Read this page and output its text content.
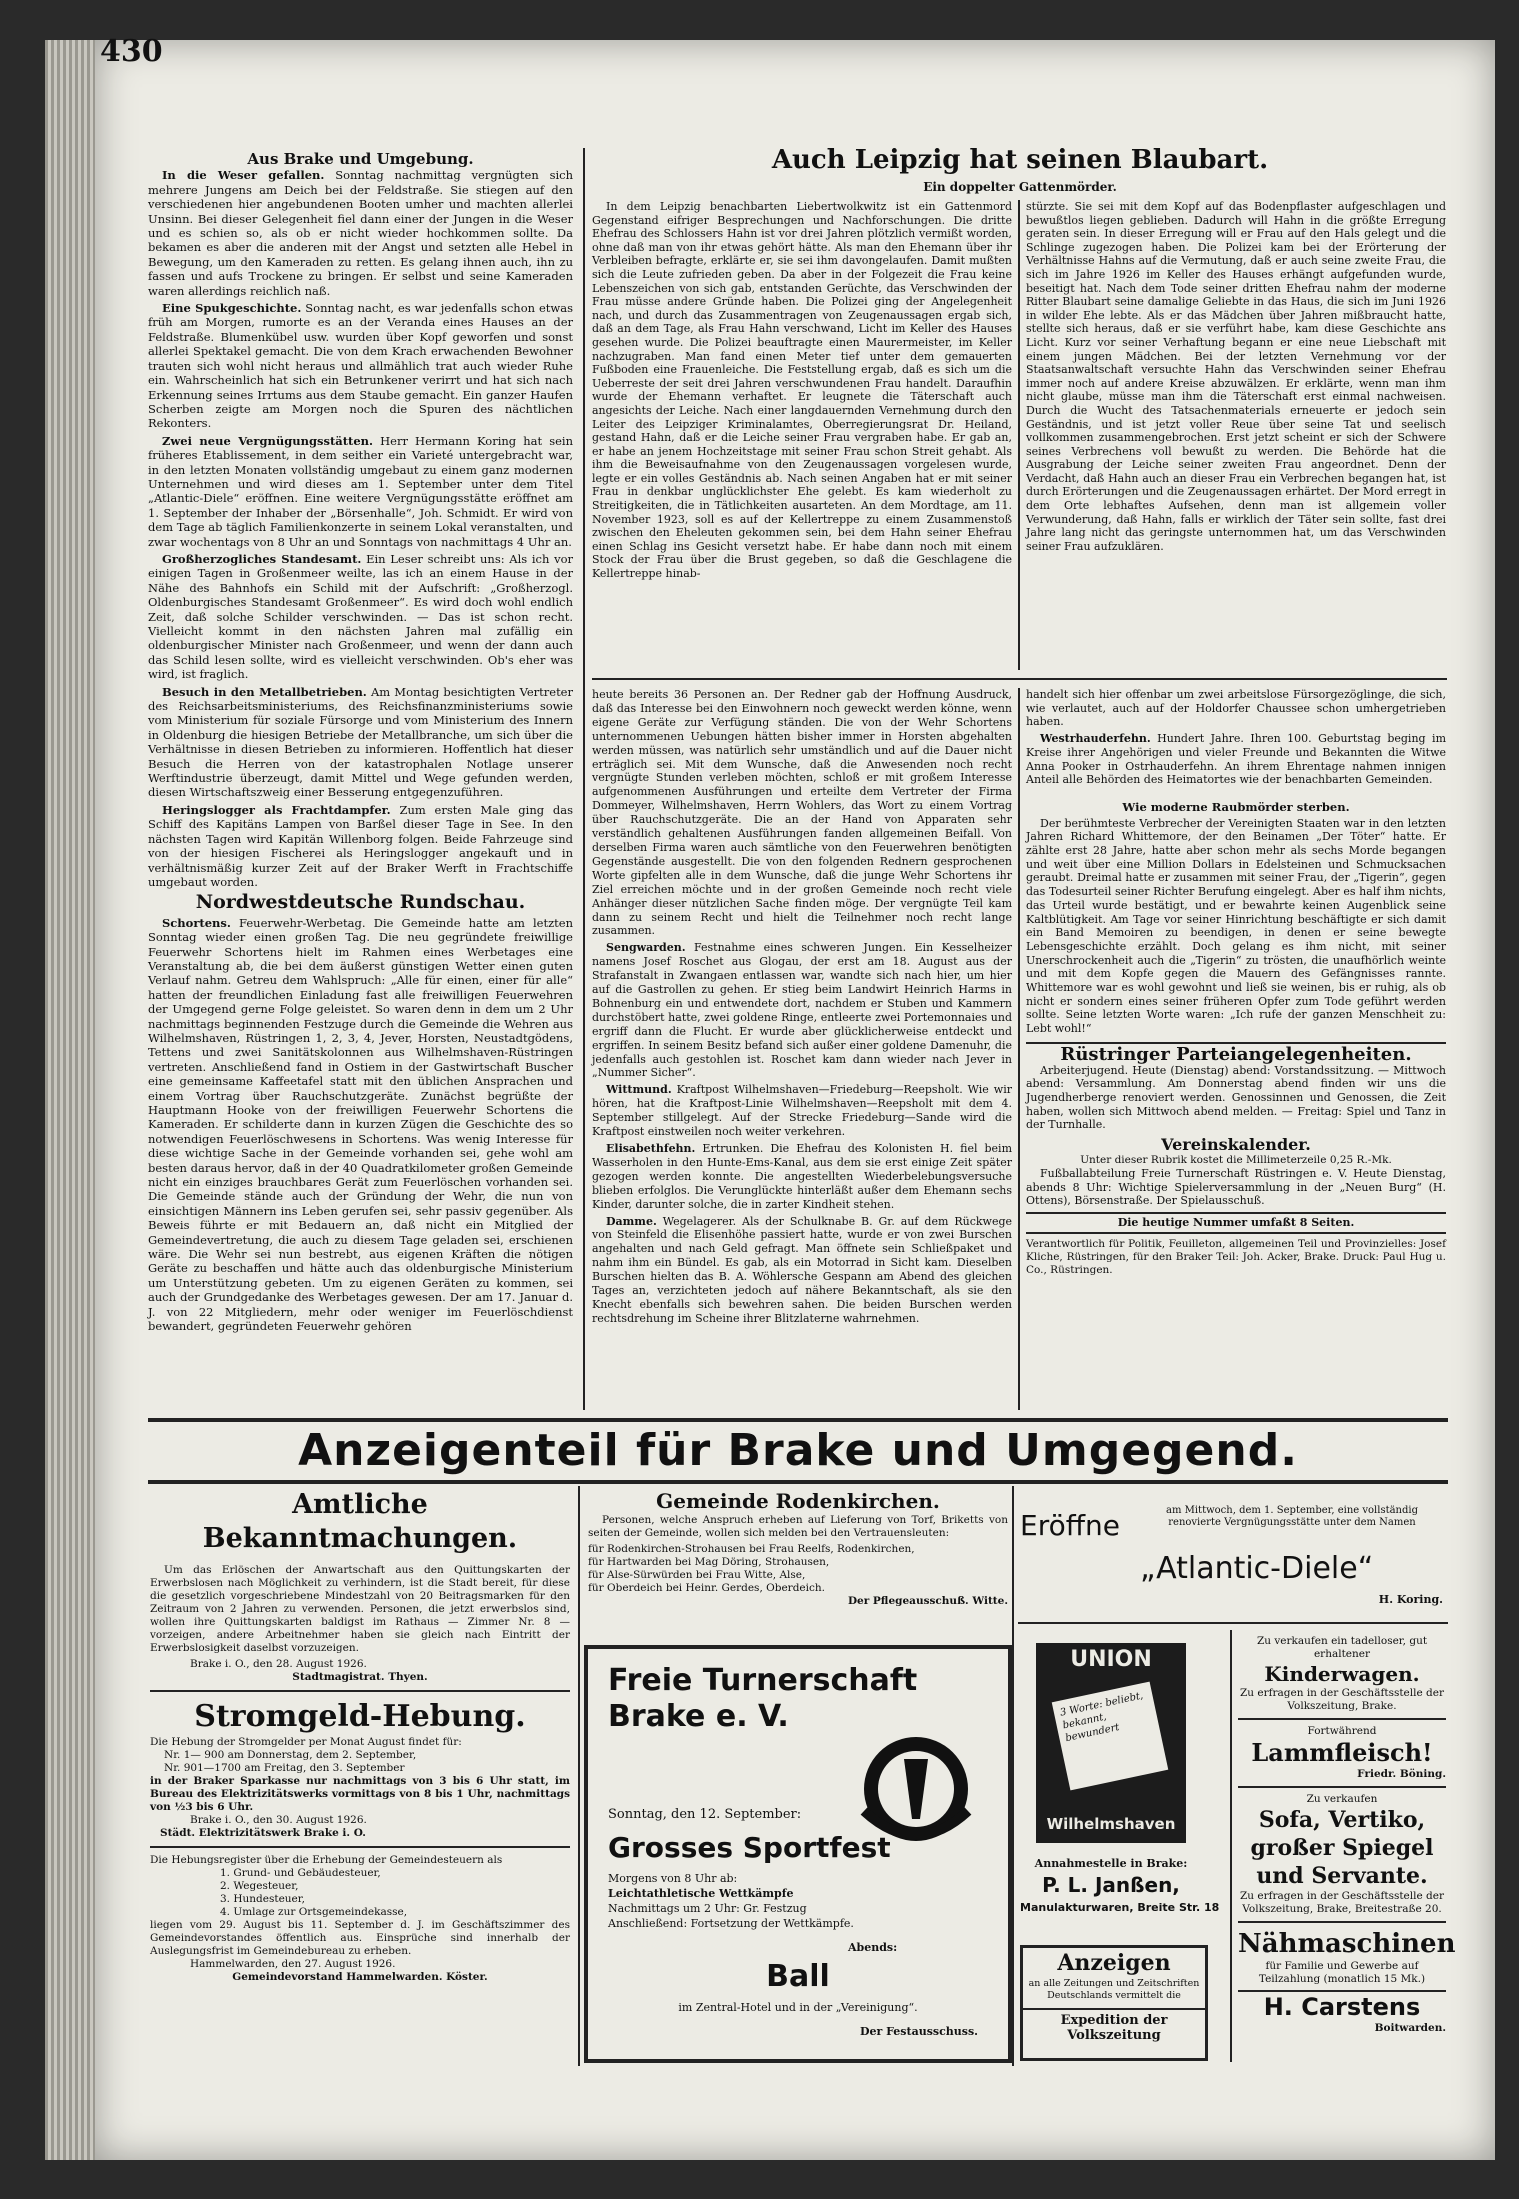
430
Aus Brake und Umgebung.

In die Weser gefallen. Sonntag nachmittag vergnügten sich mehrere Jungens am Deich bei der Feldstraße. Sie stiegen auf den verschiedenen hier angebundenen Booten umher und machten allerlei Unsinn. Bei dieser Gelegenheit fiel dann einer der Jungen in die Weser und es schien so, als ob er nicht wieder hochkommen sollte. Da bekamen es aber die anderen mit der Angst und setzten alle Hebel in Bewegung, um den Kameraden zu retten. Es gelang ihnen auch, ihn zu fassen und aufs Trockene zu bringen. Er selbst und seine Kameraden waren allerdings reichlich naß.

Eine Spukgeschichte. Sonntag nacht, es war jedenfalls schon etwas früh am Morgen, rumorte es an der Veranda eines Hauses an der Feldstraße. Blumenkübel usw. wurden über Kopf geworfen und sonst allerlei Spektakel gemacht. Die von dem Krach erwachenden Bewohner trauten sich wohl nicht heraus und allmählich trat auch wieder Ruhe ein. Wahrscheinlich hat sich ein Betrunkener verirrt und hat sich nach Erkennung seines Irrtums aus dem Staube gemacht. Ein ganzer Haufen Scherben zeigte am Morgen noch die Spuren des nächtlichen Rekonters.

Zwei neue Vergnügungsstätten. Herr Hermann Koring hat sein früheres Etablissement, in dem seither ein Varieté untergebracht war, in den letzten Monaten vollständig umgebaut zu einem ganz modernen Unternehmen und wird dieses am 1. September unter dem Titel „Atlantic-Diele“ eröffnen. Eine weitere Vergnügungsstätte eröffnet am 1. September der Inhaber der „Börsenhalle“, Joh. Schmidt. Er wird von dem Tage ab täglich Familienkonzerte in seinem Lokal veranstalten, und zwar wochentags von 8 Uhr an und Sonntags von nachmittags 4 Uhr an.

Großherzogliches Standesamt. Ein Leser schreibt uns: Als ich vor einigen Tagen in Großenmeer weilte, las ich an einem Hause in der Nähe des Bahnhofs ein Schild mit der Aufschrift: „Großherzogl. Oldenburgisches Standesamt Großenmeer“. Es wird doch wohl endlich Zeit, daß solche Schilder verschwinden. — Das ist schon recht. Vielleicht kommt in den nächsten Jahren mal zufällig ein oldenburgischer Minister nach Großenmeer, und wenn der dann auch das Schild lesen sollte, wird es vielleicht verschwinden. Ob's eher was wird, ist fraglich.

Besuch in den Metallbetrieben. Am Montag besichtigten Vertreter des Reichsarbeitsministeriums, des Reichsfinanzministeriums sowie vom Ministerium für soziale Fürsorge und vom Ministerium des Innern in Oldenburg die hiesigen Betriebe der Metallbranche, um sich über die Verhältnisse in diesen Betrieben zu informieren. Hoffentlich hat dieser Besuch die Herren von der katastrophalen Notlage unserer Werftindustrie überzeugt, damit Mittel und Wege gefunden werden, diesen Wirtschaftszweig einer Besserung entgegenzuführen.

Heringslogger als Frachtdampfer. Zum ersten Male ging das Schiff des Kapitäns Lampen von Barßel dieser Tage in See. In den nächsten Tagen wird Kapitän Willenborg folgen. Beide Fahrzeuge sind von der hiesigen Fischerei als Heringslogger angekauft und in verhältnismäßig kurzer Zeit auf der Braker Werft in Frachtschiffe umgebaut worden.

Nordwestdeutsche Rundschau.

Schortens. Feuerwehr-Werbetag. Die Gemeinde hatte am letzten Sonntag wieder einen großen Tag. Die neu gegründete freiwillige Feuerwehr Schortens hielt im Rahmen eines Werbetages eine Veranstaltung ab, die bei dem äußerst günstigen Wetter einen guten Verlauf nahm. Getreu dem Wahlspruch: „Alle für einen, einer für alle“ hatten der freundlichen Einladung fast alle freiwilligen Feuerwehren der Umgegend gerne Folge geleistet. So waren denn in dem um 2 Uhr nachmittags beginnenden Festzuge durch die Gemeinde die Wehren aus Wilhelmshaven, Rüstringen 1, 2, 3, 4, Jever, Horsten, Neustadtgödens, Tettens und zwei Sanitätskolonnen aus Wilhelmshaven-Rüstringen vertreten. Anschließend fand in Ostiem in der Gastwirtschaft Buscher eine gemeinsame Kaffeetafel statt mit den üblichen Ansprachen und einem Vortrag über Rauchschutzgeräte. Zunächst begrüßte der Hauptmann Hooke von der freiwilligen Feuerwehr Schortens die Kameraden. Er schilderte dann in kurzen Zügen die Geschichte des so notwendigen Feuerlöschwesens in Schortens. Was wenig Interesse für diese wichtige Sache in der Gemeinde vorhanden sei, gehe wohl am besten daraus hervor, daß in der 40 Quadratkilometer großen Gemeinde nicht ein einziges brauchbares Gerät zum Feuerlöschen vorhanden sei. Die Gemeinde stände auch der Gründung der Wehr, die nun von einsichtigen Männern ins Leben gerufen sei, sehr passiv gegenüber. Als Beweis führte er mit Bedauern an, daß nicht ein Mitglied der Gemeindevertretung, die auch zu diesem Tage geladen sei, erschienen wäre. Die Wehr sei nun bestrebt, aus eigenen Kräften die nötigen Geräte zu beschaffen und hätte auch das oldenburgische Ministerium um Unterstützung gebeten. Um zu eigenen Geräten zu kommen, sei auch der Grundgedanke des Werbetages gewesen. Der am 17. Januar d. J. von 22 Mitgliedern, mehr oder weniger im Feuerlöschdienst bewandert, gegründeten Feuerwehr gehören

Auch Leipzig hat seinen Blaubart.
Ein doppelter Gattenmörder.

In dem Leipzig benachbarten Liebertwolkwitz ist ein Gattenmord Gegenstand eifriger Besprechungen und Nachforschungen. Die dritte Ehefrau des Schlossers Hahn ist vor drei Jahren plötzlich vermißt worden, ohne daß man von ihr etwas gehört hätte. Als man den Ehemann über ihr Verbleiben befragte, erklärte er, sie sei ihm davongelaufen. Damit mußten sich die Leute zufrieden geben. Da aber in der Folgezeit die Frau keine Lebenszeichen von sich gab, entstanden Gerüchte, das Verschwinden der Frau müsse andere Gründe haben. Die Polizei ging der Angelegenheit nach, und durch das Zusammentragen von Zeugenaussagen ergab sich, daß an dem Tage, als Frau Hahn verschwand, Licht im Keller des Hauses gesehen wurde. Die Polizei beauftragte einen Maurermeister, im Keller nachzugraben. Man fand einen Meter tief unter dem gemauerten Fußboden eine Frauenleiche. Die Feststellung ergab, daß es sich um die Ueberreste der seit drei Jahren verschwundenen Frau handelt. Daraufhin wurde der Ehemann verhaftet. Er leugnete die Täterschaft auch angesichts der Leiche. Nach einer langdauernden Vernehmung durch den Leiter des Leipziger Kriminalamtes, Oberregierungsrat Dr. Heiland, gestand Hahn, daß er die Leiche seiner Frau vergraben habe. Er gab an, er habe an jenem Hochzeitstage mit seiner Frau schon Streit gehabt. Als ihm die Beweisaufnahme von den Zeugenaussagen vorgelesen wurde, legte er ein volles Geständnis ab. Nach seinen Angaben hat er mit seiner Frau in denkbar unglücklichster Ehe gelebt. Es kam wiederholt zu Streitigkeiten, die in Tätlichkeiten ausarteten. An dem Mordtage, am 11. November 1923, soll es auf der Kellertreppe zu einem Zusammenstoß zwischen den Eheleuten gekommen sein, bei dem Hahn seiner Ehefrau einen Schlag ins Gesicht versetzt habe. Er habe dann noch mit einem Stock der Frau über die Brust gegeben, so daß die Geschlagene die Kellertreppe hinab-

stürzte. Sie sei mit dem Kopf auf das Bodenpflaster aufgeschlagen und bewußtlos liegen geblieben. Dadurch will Hahn in die größte Erregung geraten sein. In dieser Erregung will er Frau auf den Hals gelegt und die Schlinge zugezogen haben. Die Polizei kam bei der Erörterung der Verhältnisse Hahns auf die Vermutung, daß er auch seine zweite Frau, die sich im Jahre 1926 im Keller des Hauses erhängt aufgefunden wurde, beseitigt hat. Nach dem Tode seiner dritten Ehefrau nahm der moderne Ritter Blaubart seine damalige Geliebte in das Haus, die sich im Juni 1926 in wilder Ehe lebte. Als er das Mädchen über Jahren mißbraucht hatte, stellte sich heraus, daß er sie verführt habe, kam diese Geschichte ans Licht. Kurz vor seiner Verhaftung begann er eine neue Liebschaft mit einem jungen Mädchen. Bei der letzten Vernehmung vor der Staatsanwaltschaft versuchte Hahn das Verschwinden seiner Ehefrau immer noch auf andere Kreise abzuwälzen. Er erklärte, wenn man ihm nicht glaube, müsse man ihm die Täterschaft erst einmal nachweisen. Durch die Wucht des Tatsachenmaterials erneuerte er jedoch sein Geständnis, und ist jetzt voller Reue über seine Tat und seelisch vollkommen zusammengebrochen. Erst jetzt scheint er sich der Schwere seines Verbrechens voll bewußt zu werden. Die Behörde hat die Ausgrabung der Leiche seiner zweiten Frau angeordnet. Denn der Verdacht, daß Hahn auch an dieser Frau ein Verbrechen begangen hat, ist durch Erörterungen und die Zeugenaussagen erhärtet. Der Mord erregt in dem Orte lebhaftes Aufsehen, denn man ist allgemein voller Verwunderung, daß Hahn, falls er wirklich der Täter sein sollte, fast drei Jahre lang nicht das geringste unternommen hat, um das Verschwinden seiner Frau aufzuklären.

heute bereits 36 Personen an. Der Redner gab der Hoffnung Ausdruck, daß das Interesse bei den Einwohnern noch geweckt werden könne, wenn eigene Geräte zur Verfügung ständen. Die von der Wehr Schortens unternommenen Uebungen hätten bisher immer in Horsten abgehalten werden müssen, was natürlich sehr umständlich und auf die Dauer nicht erträglich sei. Mit dem Wunsche, daß die Anwesenden noch recht vergnügte Stunden verleben möchten, schloß er mit großem Interesse aufgenommenen Ausführungen und erteilte dem Vertreter der Firma Dommeyer, Wilhelmshaven, Herrn Wohlers, das Wort zu einem Vortrag über Rauchschutzgeräte. Die an der Hand von Apparaten sehr verständlich gehaltenen Ausführungen fanden allgemeinen Beifall. Von derselben Firma waren auch sämtliche von den Feuerwehren benötigten Gegenstände ausgestellt. Die von den folgenden Rednern gesprochenen Worte gipfelten alle in dem Wunsche, daß die junge Wehr Schortens ihr Ziel erreichen möchte und in der großen Gemeinde noch recht viele Anhänger dieser nützlichen Sache finden möge. Der vergnügte Teil kam dann zu seinem Recht und hielt die Teilnehmer noch recht lange zusammen.

Sengwarden. Festnahme eines schweren Jungen. Ein Kesselheizer namens Josef Roschet aus Glogau, der erst am 18. August aus der Strafanstalt in Zwangaen entlassen war, wandte sich nach hier, um hier auf die Gastrollen zu gehen. Er stieg beim Landwirt Heinrich Harms in Bohnenburg ein und entwendete dort, nachdem er Stuben und Kammern durchstöbert hatte, zwei goldene Ringe, entleerte zwei Portemonnaies und ergriff dann die Flucht. Er wurde aber glücklicherweise entdeckt und ergriffen. In seinem Besitz befand sich außer einer goldene Damenuhr, die jedenfalls auch gestohlen ist. Roschet kam dann wieder nach Jever in „Nummer Sicher“.

Wittmund. Kraftpost Wilhelmshaven—Friedeburg—Reepsholt. Wie wir hören, hat die Kraftpost-Linie Wilhelmshaven—Reepsholt mit dem 4. September stillgelegt. Auf der Strecke Friedeburg—Sande wird die Kraftpost einstweilen noch weiter verkehren.

Elisabethfehn. Ertrunken. Die Ehefrau des Kolonisten H. fiel beim Wasserholen in den Hunte-Ems-Kanal, aus dem sie erst einige Zeit später gezogen werden konnte. Die angestellten Wiederbelebungsversuche blieben erfolglos. Die Verunglückte hinterläßt außer dem Ehemann sechs Kinder, darunter solche, die in zarter Kindheit stehen.

Damme. Wegelagerer. Als der Schulknabe B. Gr. auf dem Rückwege von Steinfeld die Elisenhöhe passiert hatte, wurde er von zwei Burschen angehalten und nach Geld gefragt. Man öffnete sein Schließpaket und nahm ihm ein Bündel. Es gab, als ein Motorrad in Sicht kam. Dieselben Burschen hielten das B. A. Wöhlersche Gespann am Abend des gleichen Tages an, verzichteten jedoch auf nähere Bekanntschaft, als sie den Knecht ebenfalls sich bewehren sahen. Die beiden Burschen werden rechtsdrehung im Scheine ihrer Blitzlaterne wahrnehmen.

handelt sich hier offenbar um zwei arbeitslose Fürsorgezöglinge, die sich, wie verlautet, auch auf der Holdorfer Chaussee schon umhergetrieben haben.

Westrhauderfehn. Hundert Jahre. Ihren 100. Geburtstag beging im Kreise ihrer Angehörigen und vieler Freunde und Bekannten die Witwe Anna Pooker in Ostrhauderfehn. An ihrem Ehrentage nahmen innigen Anteil alle Behörden des Heimatortes wie der benachbarten Gemeinden.

Wie moderne Raubmörder sterben.

Der berühmteste Verbrecher der Vereinigten Staaten war in den letzten Jahren Richard Whittemore, der den Beinamen „Der Töter“ hatte. Er zählte erst 28 Jahre, hatte aber schon mehr als sechs Morde begangen und weit über eine Million Dollars in Edelsteinen und Schmucksachen geraubt. Dreimal hatte er zusammen mit seiner Frau, der „Tigerin“, gegen das Todesurteil seiner Richter Berufung eingelegt. Aber es half ihm nichts, das Urteil wurde bestätigt, und er bewahrte keinen Augenblick seine Kaltblütigkeit. Am Tage vor seiner Hinrichtung beschäftigte er sich damit ein Band Memoiren zu beendigen, in denen er seine bewegte Lebensgeschichte erzählt. Doch gelang es ihm nicht, mit seiner Unerschrockenheit auch die „Tigerin“ zu trösten, die unaufhörlich weinte und mit dem Kopfe gegen die Mauern des Gefängnisses rannte. Whittemore war es wohl gewohnt und ließ sie weinen, bis er ruhig, als ob nicht er sondern eines seiner früheren Opfer zum Tode geführt werden sollte. Seine letzten Worte waren: „Ich rufe der ganzen Menschheit zu: Lebt wohl!“

Rüstringer Parteiangelegenheiten.

Arbeiterjugend. Heute (Dienstag) abend: Vorstandssitzung. — Mittwoch abend: Versammlung. Am Donnerstag abend finden wir uns die Jugendherberge renoviert werden. Genossinnen und Genossen, die Zeit haben, wollen sich Mittwoch abend melden. — Freitag: Spiel und Tanz in der Turnhalle.

Vereinskalender.
Unter dieser Rubrik kostet die Millimeterzeile 0,25 R.-Mk.

Fußballabteilung Freie Turnerschaft Rüstringen e. V. Heute Dienstag, abends 8 Uhr: Wichtige Spielerversammlung in der „Neuen Burg“ (H. Ottens), Börsenstraße. Der Spielausschuß.

Die heutige Nummer umfaßt 8 Seiten.

Verantwortlich für Politik, Feuilleton, allgemeinen Teil und Provinzielles: Josef Kliche, Rüstringen, für den Braker Teil: Joh. Acker, Brake. Druck: Paul Hug u. Co., Rüstringen.

Anzeigenteil für Brake und Umgegend.
Amtliche Bekanntmachungen.

Um das Erlöschen der Anwartschaft aus den Quittungskarten der Erwerbslosen nach Möglichkeit zu verhindern, ist die Stadt bereit, für diese die gesetzlich vorgeschriebene Mindestzahl von 20 Beitragsmarken für den Zeitraum von 2 Jahren zu verwenden. Personen, die jetzt erwerbslos sind, wollen ihre Quittungskarten baldigst im Rathaus — Zimmer Nr. 8 — vorzeigen, andere Arbeitnehmer haben sie gleich nach Eintritt der Erwerbslosigkeit daselbst vorzuzeigen.

Brake i. O., den 28. August 1926.
Stadtmagistrat. Thyen.
Stromgeld-Hebung.
Die Hebung der Stromgelder per Monat August findet für:
Nr. 1— 900 am Donnerstag, dem 2. September,
Nr. 901—1700 am Freitag, den 3. September
in der Braker Sparkasse nur nachmittags von 3 bis 6 Uhr statt, im Bureau des Elektrizitätswerks vormittags von 8 bis 1 Uhr, nachmittags von ½3 bis 6 Uhr.
Brake i. O., den 30. August 1926.
Städt. Elektrizitätswerk Brake i. O.
Die Hebungsregister über die Erhebung der Gemeindesteuern als
1. Grund- und Gebäudesteuer,
2. Wegesteuer,
3. Hundesteuer,
4. Umlage zur Ortsgemeindekasse,
liegen vom 29. August bis 11. September d. J. im Geschäftszimmer des Gemeindevorstandes öffentlich aus. Einsprüche sind innerhalb der Auslegungsfrist im Gemeindebureau zu erheben.
Hammelwarden, den 27. August 1926.
Gemeindevorstand Hammelwarden. Köster.
Gemeinde Rodenkirchen.

Personen, welche Anspruch erheben auf Lieferung von Torf, Briketts von seiten der Gemeinde, wollen sich melden bei den Vertrauensleuten:

für Rodenkirchen-Strohausen bei Frau Reelfs, Rodenkirchen,
für Hartwarden bei Mag Döring, Strohausen,
für Alse-Sürwürden bei Frau Witte, Alse,
für Oberdeich bei Heinr. Gerdes, Oberdeich.
Der Pflegeausschuß. Witte.
Freie Turnerschaft
Brake e. V.
Sonntag, den 12. September:
Grosses Sportfest
Morgens von 8 Uhr ab:
Leichtathletische Wettkämpfe
Nachmittags um 2 Uhr: Gr. Festzug
Anschließend: Fortsetzung der Wettkämpfe.
Abends:
Ball
im Zentral-Hotel und in der „Vereinigung“.
Der Festausschuss.
Eröffne	am Mittwoch, dem 1. September, eine vollständig renovierte Vergnügungsstätte unter dem Namen
„Atlantic-Diele“
H. Koring.
UNION
3 Worte: beliebt, bekannt, bewundert
Wilhelmshaven
Annahmestelle in Brake:
P. L. Janßen,
Manulakturwaren, Breite Str. 18
Anzeigen
an alle Zeitungen und Zeitschriften Deutschlands vermittelt die
Expedition der Volkszeitung
Zu verkaufen ein tadelloser, gut erhaltener
Kinderwagen.
Zu erfragen in der Geschäftsstelle der Volkszeitung, Brake.
Fortwährend
Lammfleisch!
Friedr. Böning.
Zu verkaufen
Sofa, Vertiko,
großer Spiegel
und Servante.
Zu erfragen in der Geschäftsstelle der Volkszeitung, Brake, Breitestraße 20.
Nähmaschinen
für Familie und Gewerbe auf Teilzahlung (monatlich 15 Mk.)
H. Carstens
Boitwarden.
